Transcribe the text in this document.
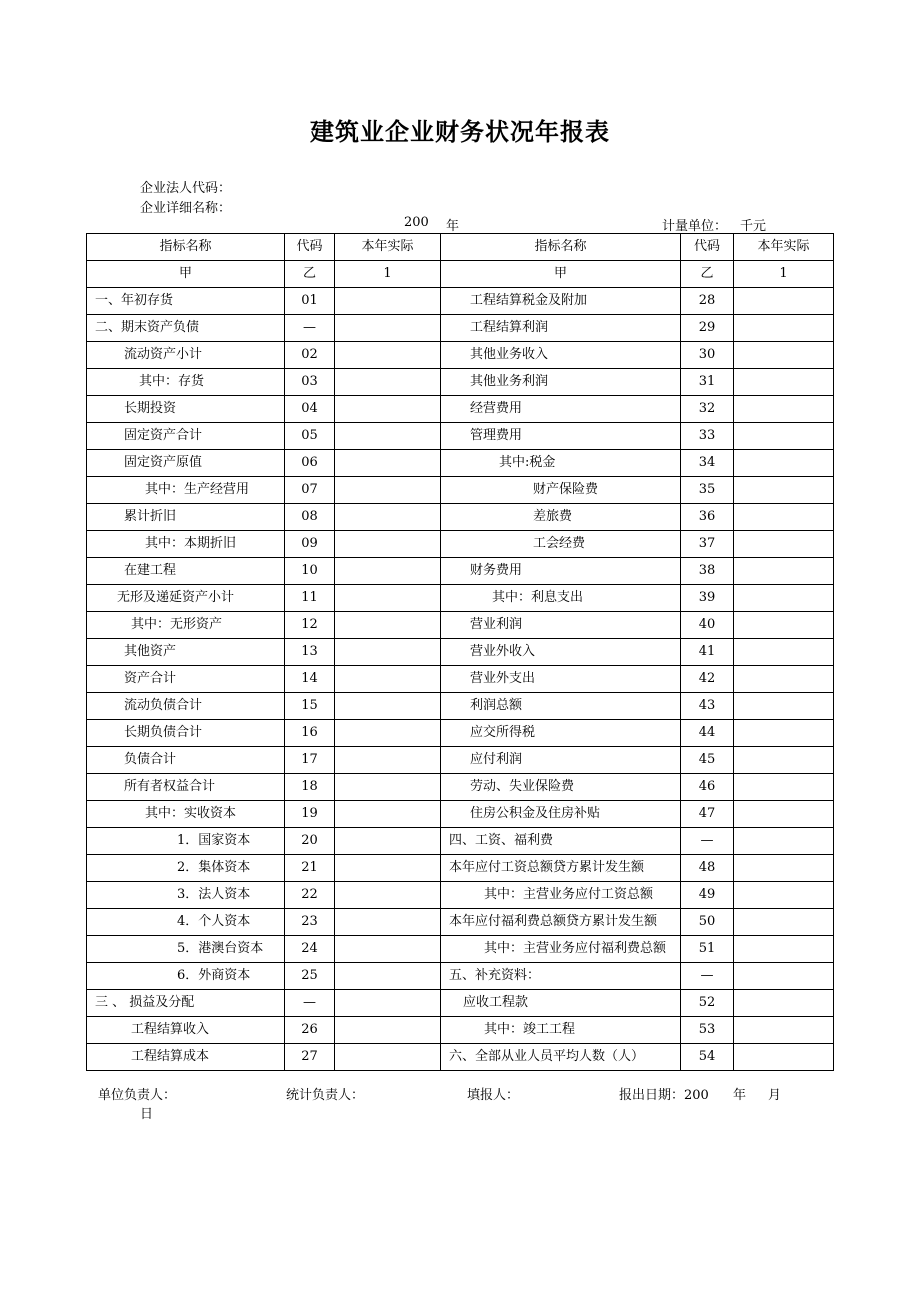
建筑业企业财务状况年报表
企业法人代码：
企业详细名称：
200 年	计量单位： 千元
指标名称	代码	本年实际	指标名称	代码	本年实际
甲	乙	1	甲	乙	1
一、年初存货	01		工程结算税金及附加	28	
二、期末资产负债	—		工程结算利润	29	
流动资产小计	02		其他业务收入	30	
其中：存货	03		其他业务利润	31	
长期投资	04		经营费用	32	
固定资产合计	05		管理费用	33	
固定资产原值	06		其中:税金	34	
其中：生产经营用	07		财产保险费	35	
累计折旧	08		差旅费	36	
其中：本期折旧	09		工会经费	37	
在建工程	10		财务费用	38	
无形及递延资产小计	11		其中：利息支出	39	
其中：无形资产	12		营业利润	40	
其他资产	13		营业外收入	41	
资产合计	14		营业外支出	42	
流动负债合计	15		利润总额	43	
长期负债合计	16		应交所得税	44	
负债合计	17		应付利润	45	
所有者权益合计	18		劳动、失业保险费	46	
其中：实收资本	19		住房公积金及住房补贴	47	
1．国家资本	20		四、工资、福利费	—	
2．集体资本	21		本年应付工资总额贷方累计发生额	48	
3．法人资本	22		其中：主营业务应付工资总额	49	
4．个人资本	23		本年应付福利费总额贷方累计发生额	50	
5．港澳台资本	24		其中：主营业务应付福利费总额	51	
6．外商资本	25		五、补充资料：	—	
三 、 损益及分配	—		应收工程款	52	
工程结算收入	26		其中：竣工工程	53	
工程结算成本	27		六、全部从业人员平均人数（人）	54	
单位负责人：	统计负责人：	填报人：	报出日期：200 年 月
日
